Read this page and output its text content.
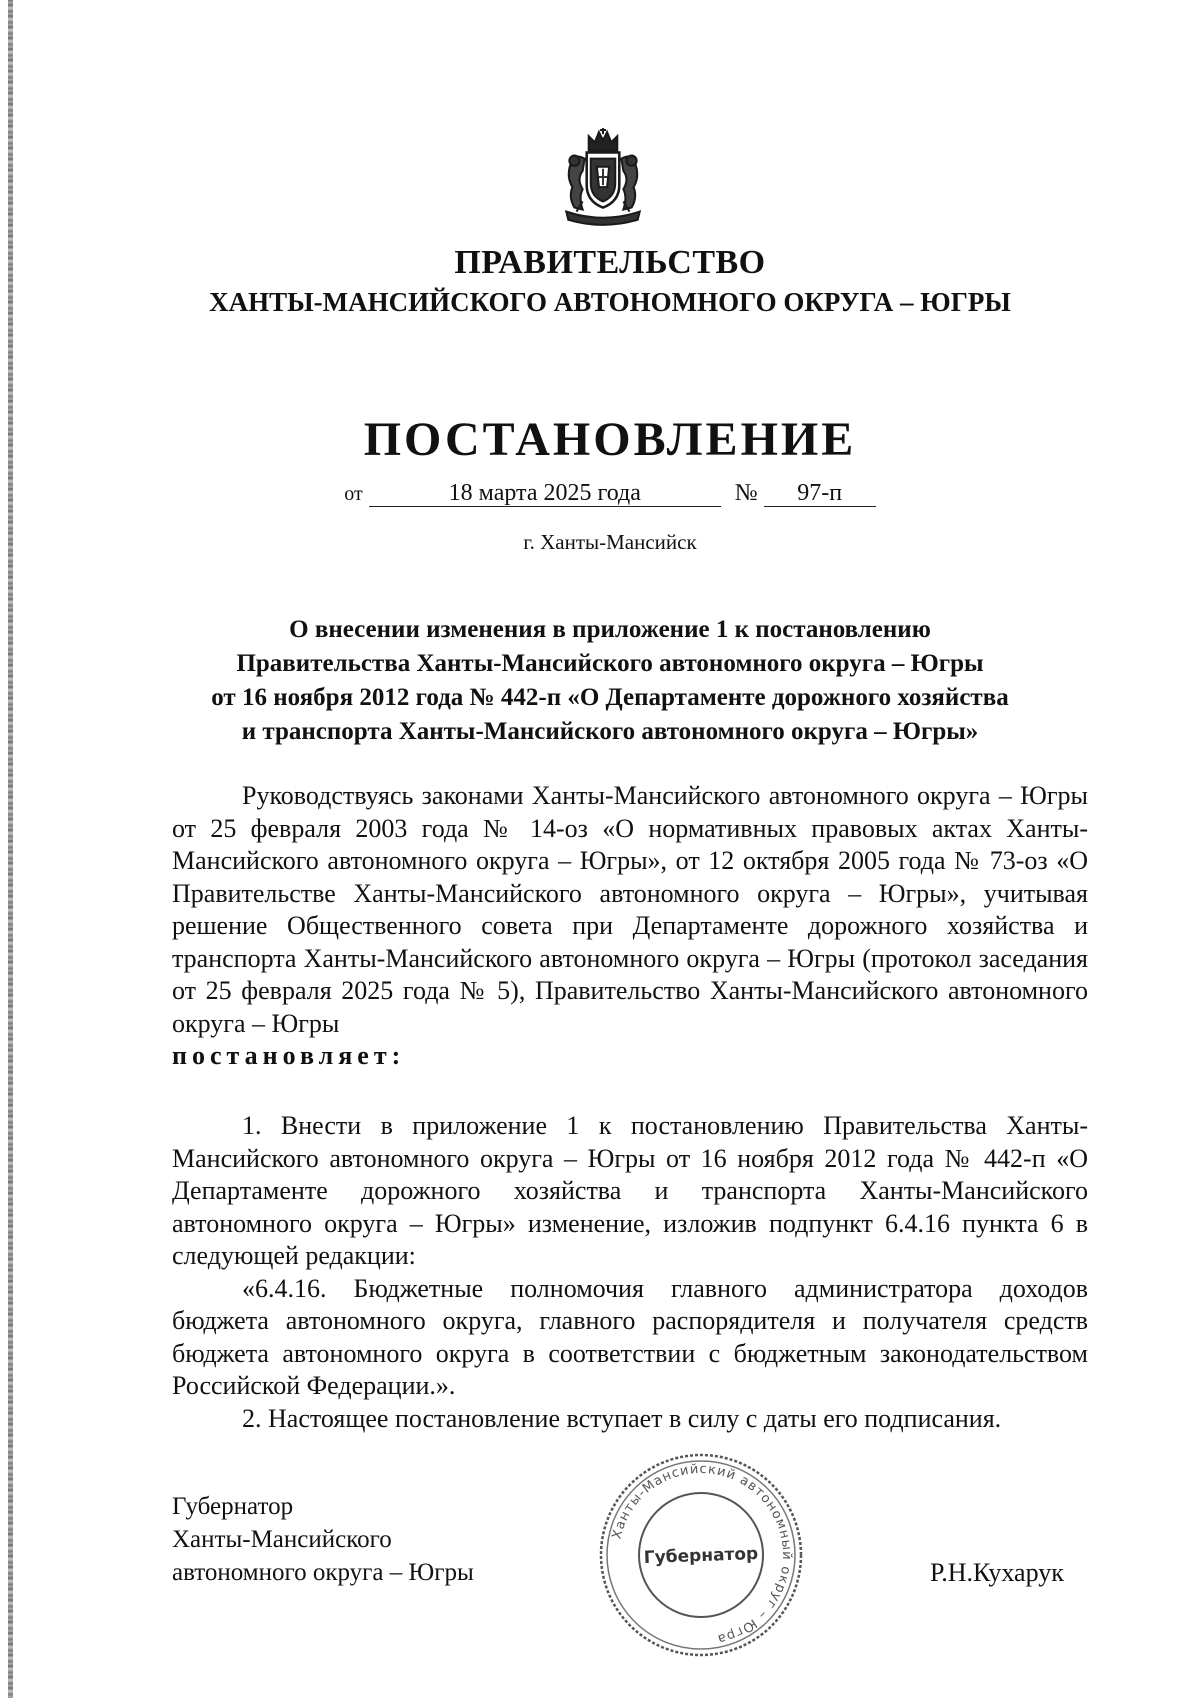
ПРАВИТЕЛЬСТВО
ХАНТЫ-МАНСИЙСКОГО АВТОНОМНОГО ОКРУГА – ЮГРЫ
ПОСТАНОВЛЕНИЕ
от	18 марта 2025 года	№ 97-п
г. Ханты-Мансийск
О внесении изменения в приложение 1 к постановлению
Правительства Ханты-Мансийского автономного округа – Югры
от 16 ноября 2012 года № 442-п «О Департаменте дорожного хозяйства
и транспорта Ханты-Мансийского автономного округа – Югры»

Руководствуясь законами Ханты-Мансийского автономного округа – Югры от 25 февраля 2003 года № 14-оз «О нормативных правовых актах Ханты-Мансийского автономного округа – Югры», от 12 октября 2005 года № 73-оз «О Правительстве Ханты-Мансийского автономного округа – Югры», учитывая решение Общественного совета при Департаменте дорожного хозяйства и транспорта Ханты-Мансийского автономного округа – Югры (протокол заседания от 25 февраля 2025 года № 5), Правительство Ханты-Мансийского автономного округа – Югры
постановляет:

1. Внести в приложение 1 к постановлению Правительства Ханты-Мансийского автономного округа – Югры от 16 ноября 2012 года № 442-п «О Департаменте дорожного хозяйства и транспорта Ханты-Мансийского автономного округа – Югры» изменение, изложив подпункт 6.4.16 пункта 6 в следующей редакции:

«6.4.16. Бюджетные полномочия главного администратора доходов бюджета автономного округа, главного распорядителя и получателя средств бюджета автономного округа в соответствии с бюджетным законодательством Российской Федерации.».

2. Настоящее постановление вступает в силу с даты его подписания.

Губернатор
Ханты-Мансийского
автономного округа – Югры
Ханты-Мансийский автономный округ – Югра
Губернатор
Р.Н.Кухарук
